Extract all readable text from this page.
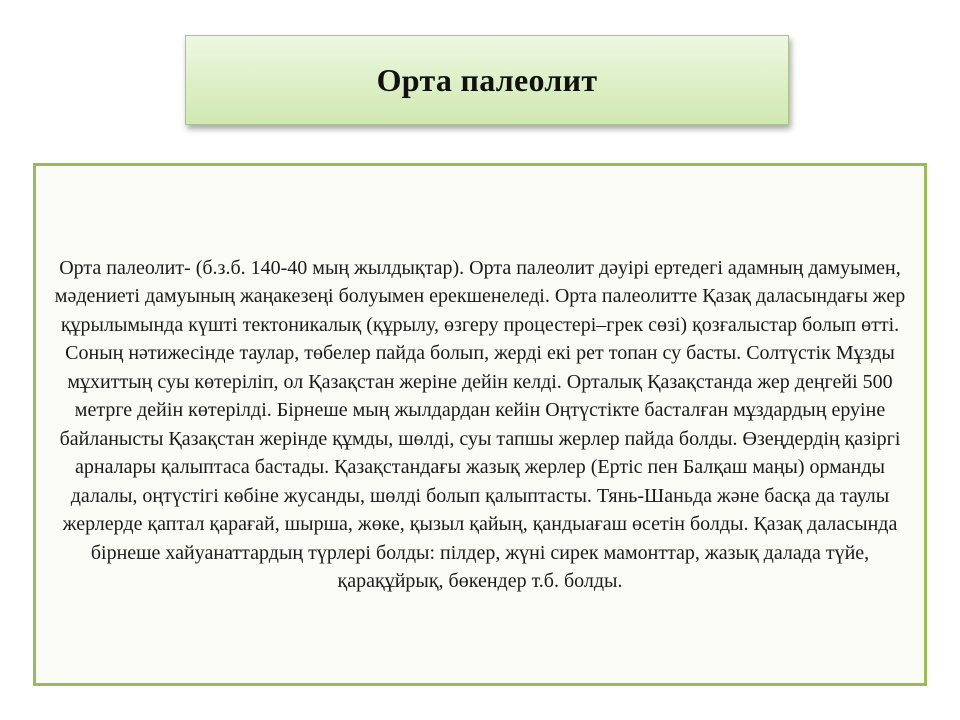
Орта палеолит

Орта палеолит- (б.з.б. 140-40 мың жылдықтар). Орта палеолит дәуірі ертедегі адамның дамуымен, мәдениеті дамуының жаңакезеңі болуымен ерекшенеледі. Орта палеолитте Қазақ даласындағы жер құрылымында күшті тектоникалық (құрылу, өзгеру процестері–грек сөзі) қозғалыстар болып өтті. Соның нәтижесінде таулар, төбелер пайда болып, жерді екі рет топан су басты. Солтүстік Мұзды мұхиттың суы көтеріліп, ол Қазақстан жеріне дейін келді. Орталық Қазақстанда жер деңгейі 500 метрге дейін көтерілді. Бірнеше мың жылдардан кейін Оңтүстікте басталған мұздардың еруіне байланысты Қазақстан жерінде құмды, шөлді, суы тапшы жерлер пайда болды. Өзеңдердің қазіргі арналары қалыптаса бастады. Қазақстандағы жазық жерлер (Ертіс пен Балқаш маңы) орманды далалы, оңтүстігі көбіне жусанды, шөлді болып қалыптасты. Тянь-Шаньда және басқа да таулы жерлерде қаптал қарағай, шырша, жөке, қызыл қайың, қандыағаш өсетін болды. Қазақ даласында бірнеше хайуанаттардың түрлері болды: пілдер, жүні сирек мамонттар, жазық далада түйе, қарақұйрық, бөкендер т.б. болды.
